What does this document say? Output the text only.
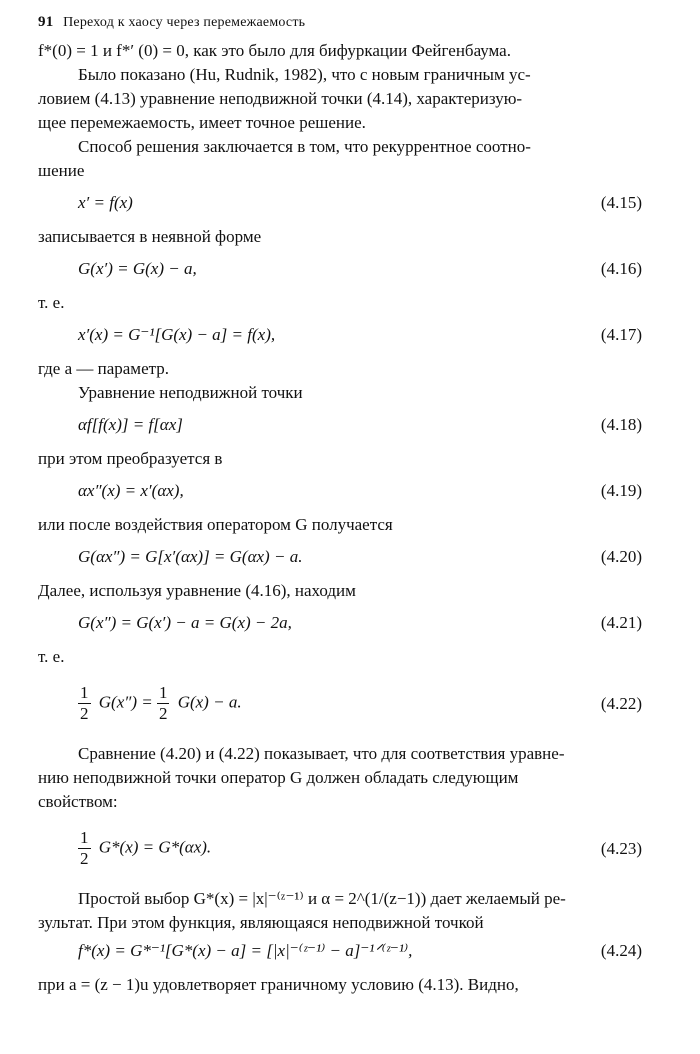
91 Переход к хаосу через перемежаемость

f*(0) = 1 и f*′ (0) = 0, как это было для бифуркации Фейгенбаума.

Было показано (Hu, Rudnik, 1982), что с новым граничным ус-

ловием (4.13) уравнение неподвижной точки (4.14), характеризую-

щее перемежаемость, имеет точное решение.

Способ решения заключается в том, что рекуррентное соотно-

шение

x′ = f(x)	(4.15)

записывается в неявной форме

G(x′) = G(x) − a,	(4.16)

т. е.

x′(x) = G⁻¹[G(x) − a] = f(x),	(4.17)

где a — параметр.

Уравнение неподвижной точки

αf[f(x)] = f[αx]	(4.18)

при этом преобразуется в

αx″(x) = x′(αx),	(4.19)

или после воздействия оператором G получается

G(αx″) = G[x′(αx)] = G(αx) − a.	(4.20)

Далее, используя уравнение (4.16), находим

G(x″) = G(x′) − a = G(x) − 2a,	(4.21)

т. е.

$\frac{1}{2} G(x'') = \frac{1}{2} G(x) - a$.	(4.22)

Сравнение (4.20) и (4.22) показывает, что для соответствия уравне-

нию неподвижной точки оператор G должен обладать следующим

свойством:

$\frac{1}{2} G*(x) = G*(\alpha x)$.	(4.23)

Простой выбор G*(x) = |x|⁻⁽ᶻ⁻¹⁾ и α = 2^(1/(z−1)) дает желаемый ре-

зультат. При этом функция, являющаяся неподвижной точкой

f*(x) = G*⁻¹[G*(x) − a] = [|x|⁻⁽ᶻ⁻¹⁾ − a]⁻¹ᐟ⁽ᶻ⁻¹⁾,	(4.24)

при a = (z − 1)u удовлетворяет граничному условию (4.13). Видно,
